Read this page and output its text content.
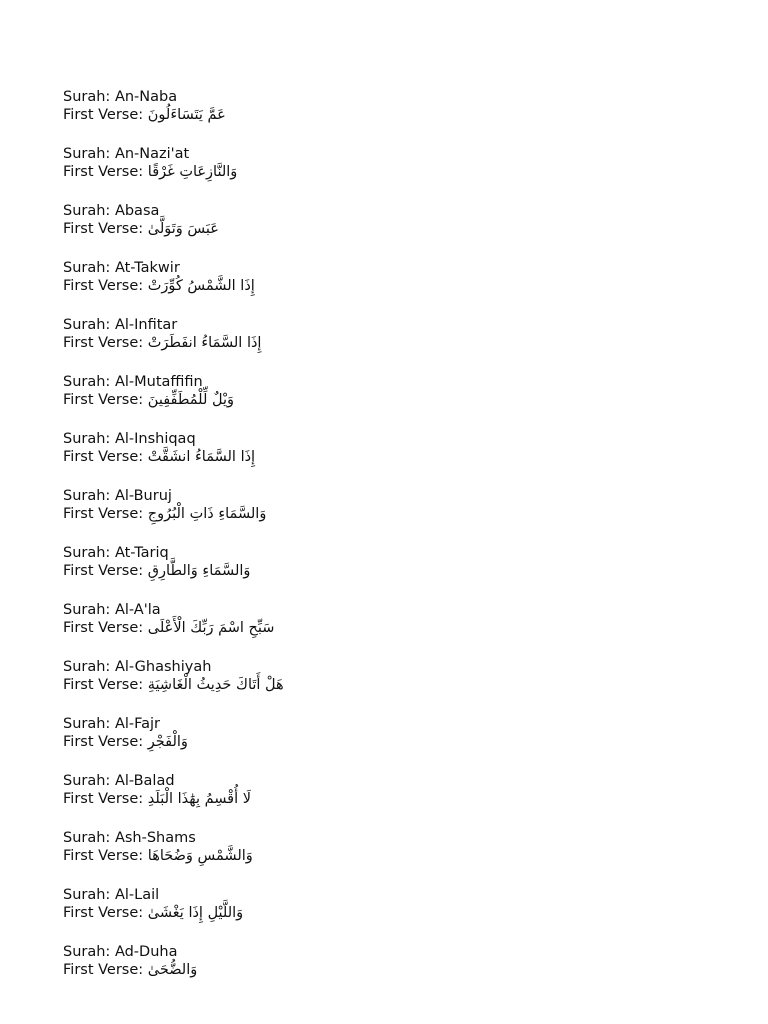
Surah: An-Naba
First Verse: عَمَّ يَتَسَاءَلُونَ
Surah: An-Nazi'at
First Verse: وَالنَّازِعَاتِ غَرْقًا
Surah: Abasa
First Verse: عَبَسَ وَتَوَلَّىٰ
Surah: At-Takwir
First Verse: إِذَا الشَّمْسُ كُوِّرَتْ
Surah: Al-Infitar
First Verse: إِذَا السَّمَاءُ انفَطَرَتْ
Surah: Al-Mutaffifin
First Verse: وَيْلٌ لِّلْمُطَفِّفِينَ
Surah: Al-Inshiqaq
First Verse: إِذَا السَّمَاءُ انشَقَّتْ
Surah: Al-Buruj
First Verse: وَالسَّمَاءِ ذَاتِ الْبُرُوجِ
Surah: At-Tariq
First Verse: وَالسَّمَاءِ وَالطَّارِقِ
Surah: Al-A'la
First Verse: سَبِّحِ اسْمَ رَبِّكَ الْأَعْلَى
Surah: Al-Ghashiyah
First Verse: هَلْ أَتَاكَ حَدِيثُ الْغَاشِيَةِ
Surah: Al-Fajr
First Verse: وَالْفَجْرِ
Surah: Al-Balad
First Verse: لَا أُقْسِمُ بِهَٰذَا الْبَلَدِ
Surah: Ash-Shams
First Verse: وَالشَّمْسِ وَضُحَاهَا
Surah: Al-Lail
First Verse: وَاللَّيْلِ إِذَا يَغْشَىٰ
Surah: Ad-Duha
First Verse: وَالضُّحَىٰ
